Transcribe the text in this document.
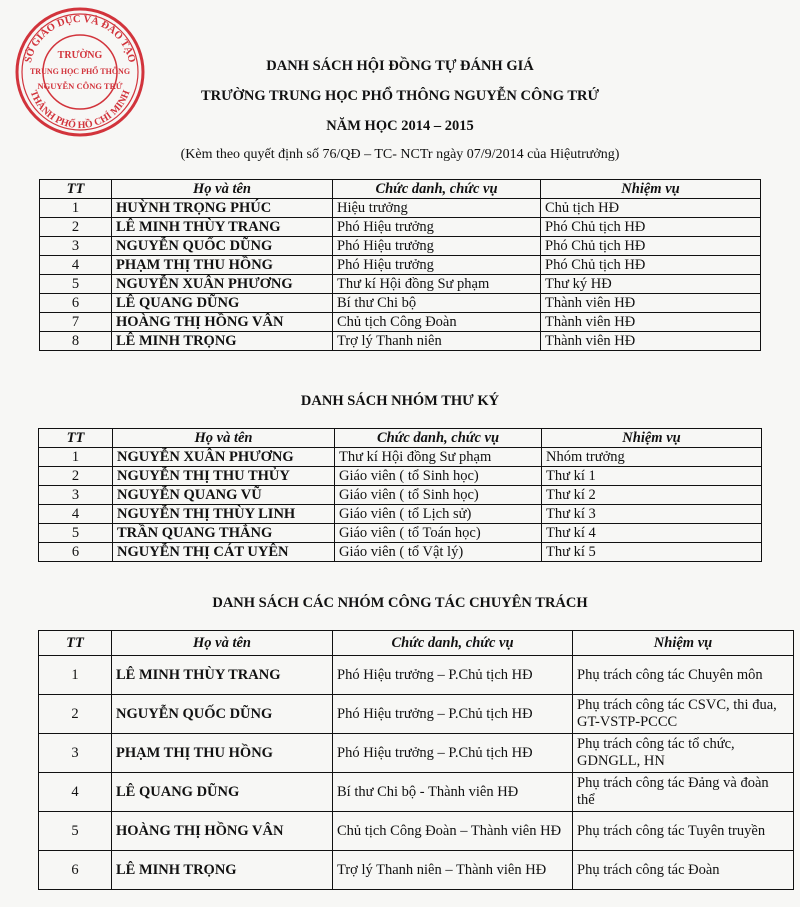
SỞ GIÁO DỤC VÀ ĐÀO TẠO
THÀNH PHỐ HỒ CHÍ MINH
TRƯỜNG
TRUNG HỌC PHỔ THÔNG
NGUYỄN CÔNG TRỨ
DANH SÁCH HỘI ĐỒNG TỰ ĐÁNH GIÁ
TRƯỜNG TRUNG HỌC PHỔ THÔNG NGUYỄN CÔNG TRỨ
NĂM HỌC 2014 – 2015
(Kèm theo quyết định số 76/QĐ – TC- NCTr ngày 07/9/2014 của Hiệutrưởng)
TT	Họ và tên	Chức danh, chức vụ	Nhiệm vụ
1	HUỲNH TRỌNG PHÚC	Hiệu trưởng	Chủ tịch HĐ
2	LÊ MINH THÙY TRANG	Phó Hiệu trưởng	Phó Chủ tịch HĐ
3	NGUYỄN QUỐC DŨNG	Phó Hiệu trưởng	Phó Chủ tịch HĐ
4	PHẠM THỊ THU HỒNG	Phó Hiệu trưởng	Phó Chủ tịch HĐ
5	NGUYỄN XUÂN PHƯƠNG	Thư kí Hội đồng Sư phạm	Thư ký HĐ
6	LÊ QUANG DŨNG	Bí thư Chi bộ	Thành viên HĐ
7	HOÀNG THỊ HỒNG VÂN	Chủ tịch Công Đoàn	Thành viên HĐ
8	LÊ MINH TRỌNG	Trợ lý Thanh niên	Thành viên HĐ
DANH SÁCH NHÓM THƯ KÝ
TT	Họ và tên	Chức danh, chức vụ	Nhiệm vụ
1	NGUYỄN XUÂN PHƯƠNG	Thư kí Hội đồng Sư phạm	Nhóm trưởng
2	NGUYỄN THỊ THU THỦY	Giáo viên ( tổ Sinh học)	Thư kí 1
3	NGUYỄN QUANG VŨ	Giáo viên ( tổ Sinh học)	Thư kí 2
4	NGUYỄN THỊ THÙY LINH	Giáo viên ( tổ Lịch sử)	Thư kí 3
5	TRẦN QUANG THẮNG	Giáo viên ( tổ Toán học)	Thư kí 4
6	NGUYỄN THỊ CÁT UYÊN	Giáo viên ( tổ Vật lý)	Thư kí 5
DANH SÁCH CÁC NHÓM CÔNG TÁC CHUYÊN TRÁCH
TT	Họ và tên	Chức danh, chức vụ	Nhiệm vụ
1	LÊ MINH THÙY TRANG	Phó Hiệu trưởng – P.Chủ tịch HĐ	Phụ trách công tác Chuyên môn
2	NGUYỄN QUỐC DŨNG	Phó Hiệu trưởng – P.Chủ tịch HĐ	Phụ trách công tác CSVC, thi đua, GT-VSTP-PCCC
3	PHẠM THỊ THU HỒNG	Phó Hiệu trưởng – P.Chủ tịch HĐ	Phụ trách công tác tổ chức, GDNGLL, HN
4	LÊ QUANG DŨNG	Bí thư Chi bộ - Thành viên HĐ	Phụ trách công tác Đảng và đoàn thể
5	HOÀNG THỊ HỒNG VÂN	Chủ tịch Công Đoàn – Thành viên HĐ	Phụ trách công tác Tuyên truyền
6	LÊ MINH TRỌNG	Trợ lý Thanh niên – Thành viên HĐ	Phụ trách công tác Đoàn
